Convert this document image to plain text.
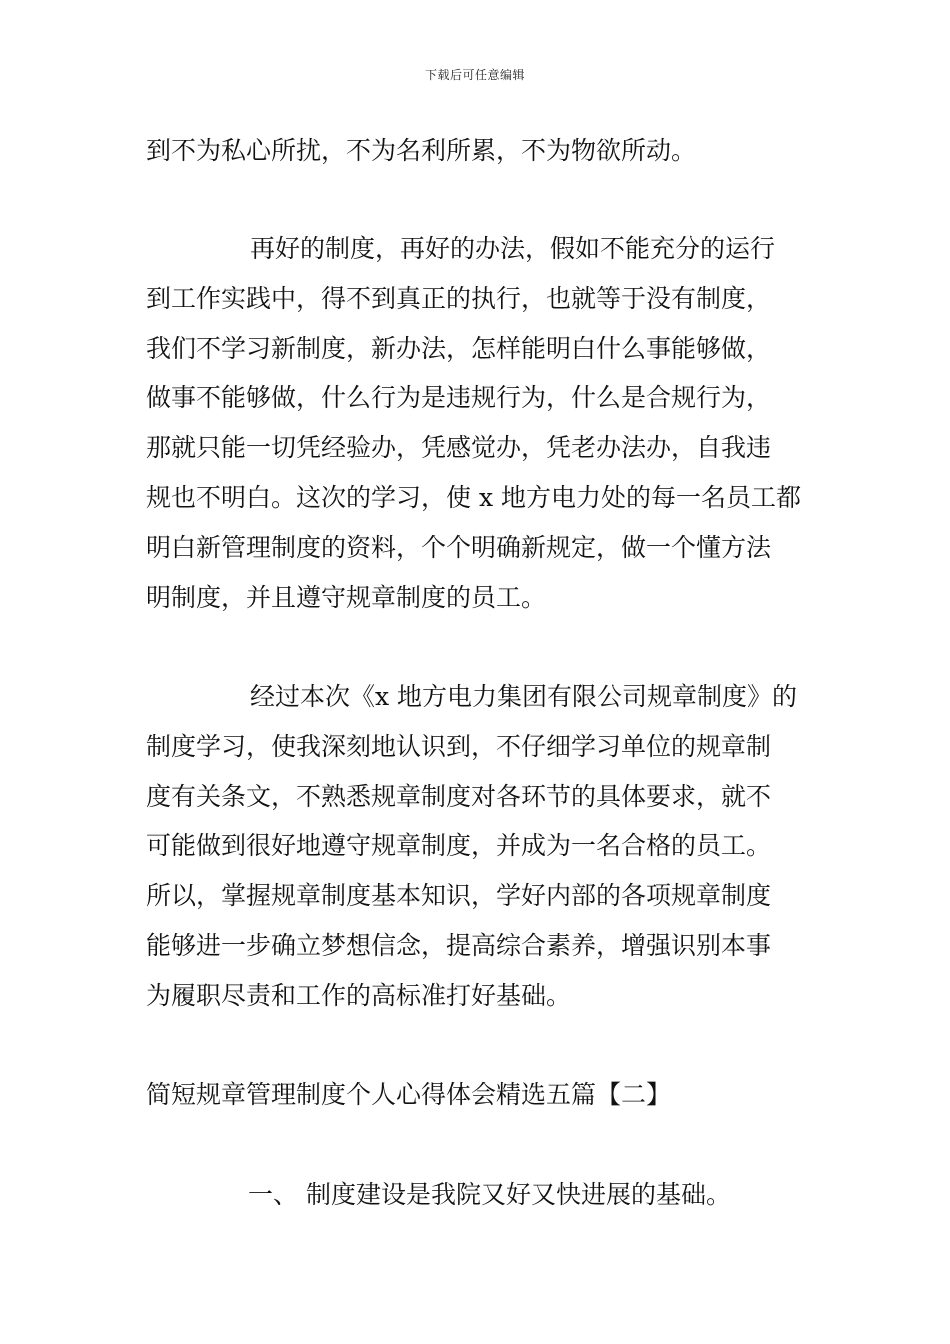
下载后可任意编辑
到不为私心所扰，不为名利所累，不为物欲所动。
再好的制度，再好的办法，假如不能充分的运行
到工作实践中，得不到真正的执行，也就等于没有制度，
我们不学习新制度，新办法，怎样能明白什么事能够做，
做事不能够做，什么行为是违规行为，什么是合规行为，
那就只能一切凭经验办，凭感觉办，凭老办法办，自我违
规也不明白。这次的学习，使 x 地方电力处的每一名员工都
明白新管理制度的资料，个个明确新规定，做一个懂方法
明制度，并且遵守规章制度的员工。
经过本次《x 地方电力集团有限公司规章制度》的
制度学习，使我深刻地认识到，不仔细学习单位的规章制
度有关条文，不熟悉规章制度对各环节的具体要求，就不
可能做到很好地遵守规章制度，并成为一名合格的员工。
所以，掌握规章制度基本知识，学好内部的各项规章制度
能够进一步确立梦想信念，提高综合素养，增强识别本事
为履职尽责和工作的高标准打好基础。
简短规章管理制度个人心得体会精选五篇【二】
一、 制度建设是我院又好又快进展的基础。
